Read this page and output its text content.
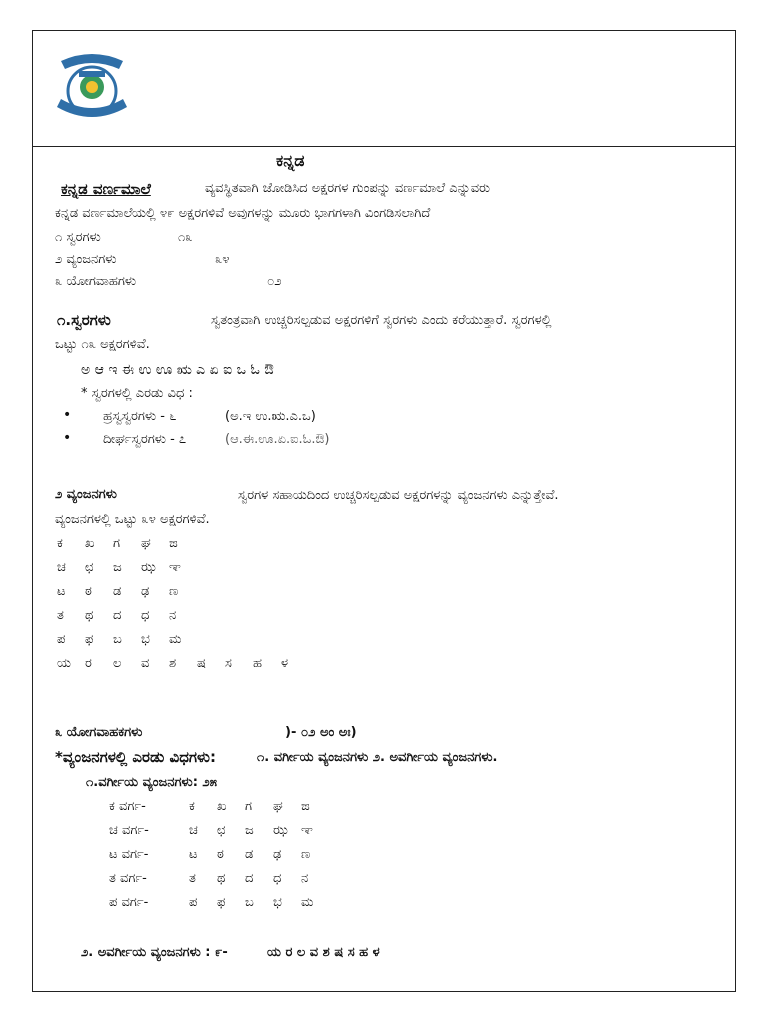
ಕನ್ನಡ
ಕನ್ನಡ ವರ್ಣಮಾಲೆ	ವ್ಯವಸ್ಥಿತವಾಗಿ ಜೋಡಿಸಿದ ಅಕ್ಷರಗಳ ಗುಂಪನ್ನು ವರ್ಣಮಾಲೆ ಎನ್ನುವರು
ಕನ್ನಡ ವರ್ಣಮಾಲೆಯಲ್ಲಿ ೪೯ ಅಕ್ಷರಗಳಿವೆ ಅವುಗಳನ್ನು ಮೂರು ಭಾಗಗಳಾಗಿ ವಿಂಗಡಿಸಲಾಗಿದೆ
೧ ಸ್ವರಗಳು	೧೩
೨ ವ್ಯಂಜನಗಳು	೩೪
೩ ಯೋಗವಾಹಗಳು	೦೨
೧.ಸ್ವರಗಳು	ಸ್ವತಂತ್ರವಾಗಿ ಉಚ್ಚರಿಸಲ್ಪಡುವ ಅಕ್ಷರಗಳಿಗೆ ಸ್ವರಗಳು ಎಂದು ಕರೆಯುತ್ತಾರೆ. ಸ್ವರಗಳಲ್ಲಿ
ಒಟ್ಟು ೧೩ ಅಕ್ಷರಗಳಿವೆ.
ಅ ಆ ಇ ಈ ಉ ಊ ಋ ಎ ಏ ಐ ಒ ಓ ಔ
* ಸ್ವರಗಳಲ್ಲಿ ಎರಡು ವಿಧ :
• ಹ್ರಸ್ವಸ್ವರಗಳು - ೬	(ಅ.ಇ ಉ.ಋ.ಎ.ಒ)
• ದೀರ್ಘಸ್ವರಗಳು - ೭	(ಆ.ಈ.ಊ.ಏ.ಐ.ಓ.ಔ)
೨ ವ್ಯಂಜನಗಳು	ಸ್ವರಗಳ ಸಹಾಯದಿಂದ ಉಚ್ಚರಿಸಲ್ಪಡುವ ಅಕ್ಷರಗಳನ್ನು ವ್ಯಂಜನಗಳು ಎನ್ನುತ್ತೇವೆ.
ವ್ಯಂಜನಗಳಲ್ಲಿ ಒಟ್ಟು ೩೪ ಅಕ್ಷರಗಳಿವೆ.
ಕ ಖ ಗ ಘ ಙ
ಚ ಛ ಜ ಝ ಞ
ಟ ಠ ಡ ಢ ಣ
ತ ಥ ದ ಧ ನ
ಪ ಫ ಬ ಭ ಮ
ಯ ರ ಲ ವ ಶ ಷ ಸ ಹ ಳ
೩ ಯೋಗವಾಹಕಗಳು	)- ೦೨ ಅಂ ಅಃ)
*ವ್ಯಂಜನಗಳಲ್ಲಿ ಎರಡು ವಿಧಗಳು:	೧. ವರ್ಗೀಯ ವ್ಯಂಜನಗಳು ೨. ಅವರ್ಗೀಯ ವ್ಯಂಜನಗಳು.
೧.ವರ್ಗೀಯ ವ್ಯಂಜನಗಳು: ೨೫
ಕ ವರ್ಗ-	ಕ ಖ ಗ ಘ ಙ
ಚ ವರ್ಗ-	ಚ ಛ ಜ ಝ ಞ
ಟ ವರ್ಗ-	ಟ ಠ ಡ ಢ ಣ
ತ ವರ್ಗ-	ತ ಥ ದ ಧ ನ
ಪ ವರ್ಗ-	ಪ ಫ ಬ ಭ ಮ
೨. ಅವರ್ಗೀಯ ವ್ಯಂಜನಗಳು : ೯-	ಯ ರ ಲ ವ ಶ ಷ ಸ ಹ ಳ
